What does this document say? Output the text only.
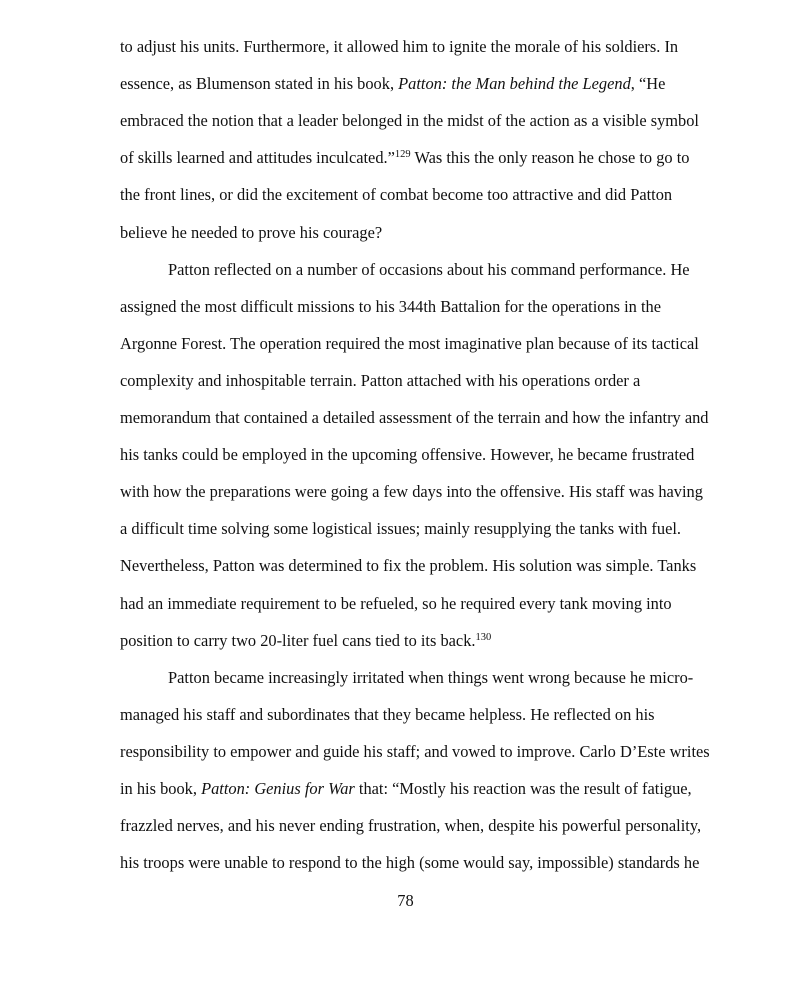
to adjust his units. Furthermore, it allowed him to ignite the morale of his soldiers. In
essence, as Blumenson stated in his book, Patton: the Man behind the Legend, “He
embraced the notion that a leader belonged in the midst of the action as a visible symbol
of skills learned and attitudes inculcated.”$^{129}$ Was this the only reason he chose to go to
the front lines, or did the excitement of combat become too attractive and did Patton
believe he needed to prove his courage?
Patton reflected on a number of occasions about his command performance. He
assigned the most difficult missions to his 344th Battalion for the operations in the
Argonne Forest. The operation required the most imaginative plan because of its tactical
complexity and inhospitable terrain. Patton attached with his operations order a
memorandum that contained a detailed assessment of the terrain and how the infantry and
his tanks could be employed in the upcoming offensive. However, he became frustrated
with how the preparations were going a few days into the offensive. His staff was having
a difficult time solving some logistical issues; mainly resupplying the tanks with fuel.
Nevertheless, Patton was determined to fix the problem. His solution was simple. Tanks
had an immediate requirement to be refueled, so he required every tank moving into
position to carry two 20-liter fuel cans tied to its back.$^{130}$
Patton became increasingly irritated when things went wrong because he micro-
managed his staff and subordinates that they became helpless. He reflected on his
responsibility to empower and guide his staff; and vowed to improve. Carlo D’Este writes
in his book, Patton: Genius for War that: “Mostly his reaction was the result of fatigue,
frazzled nerves, and his never ending frustration, when, despite his powerful personality,
his troops were unable to respond to the high (some would say, impossible) standards he
78
